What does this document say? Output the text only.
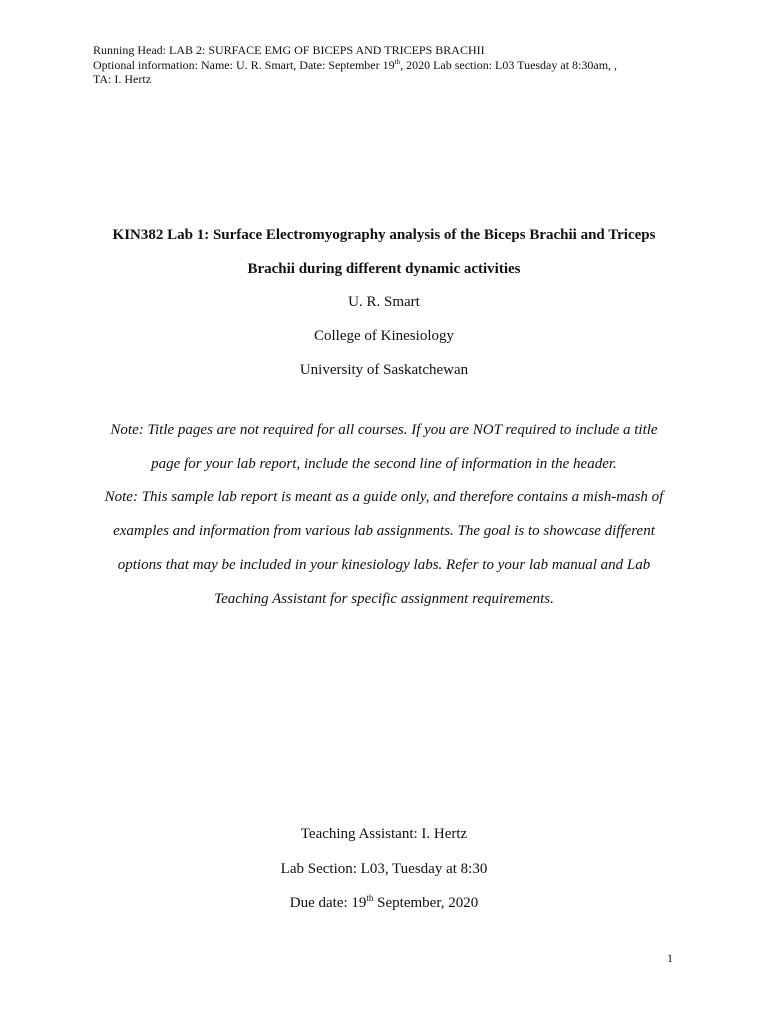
Running Head: LAB 2: SURFACE EMG OF BICEPS AND TRICEPS BRACHII
Optional information: Name: U. R. Smart, Date: September 19th, 2020 Lab section: L03 Tuesday at 8:30am, ,
TA: I. Hertz
KIN382 Lab 1: Surface Electromyography analysis of the Biceps Brachii and Triceps
Brachii during different dynamic activities
U. R. Smart
College of Kinesiology
University of Saskatchewan
Note: Title pages are not required for all courses. If you are NOT required to include a title
page for your lab report, include the second line of information in the header.
Note: This sample lab report is meant as a guide only, and therefore contains a mish-mash of
examples and information from various lab assignments. The goal is to showcase different
options that may be included in your kinesiology labs. Refer to your lab manual and Lab
Teaching Assistant for specific assignment requirements.
Teaching Assistant: I. Hertz
Lab Section: L03, Tuesday at 8:30
Due date: 19th September, 2020
1
